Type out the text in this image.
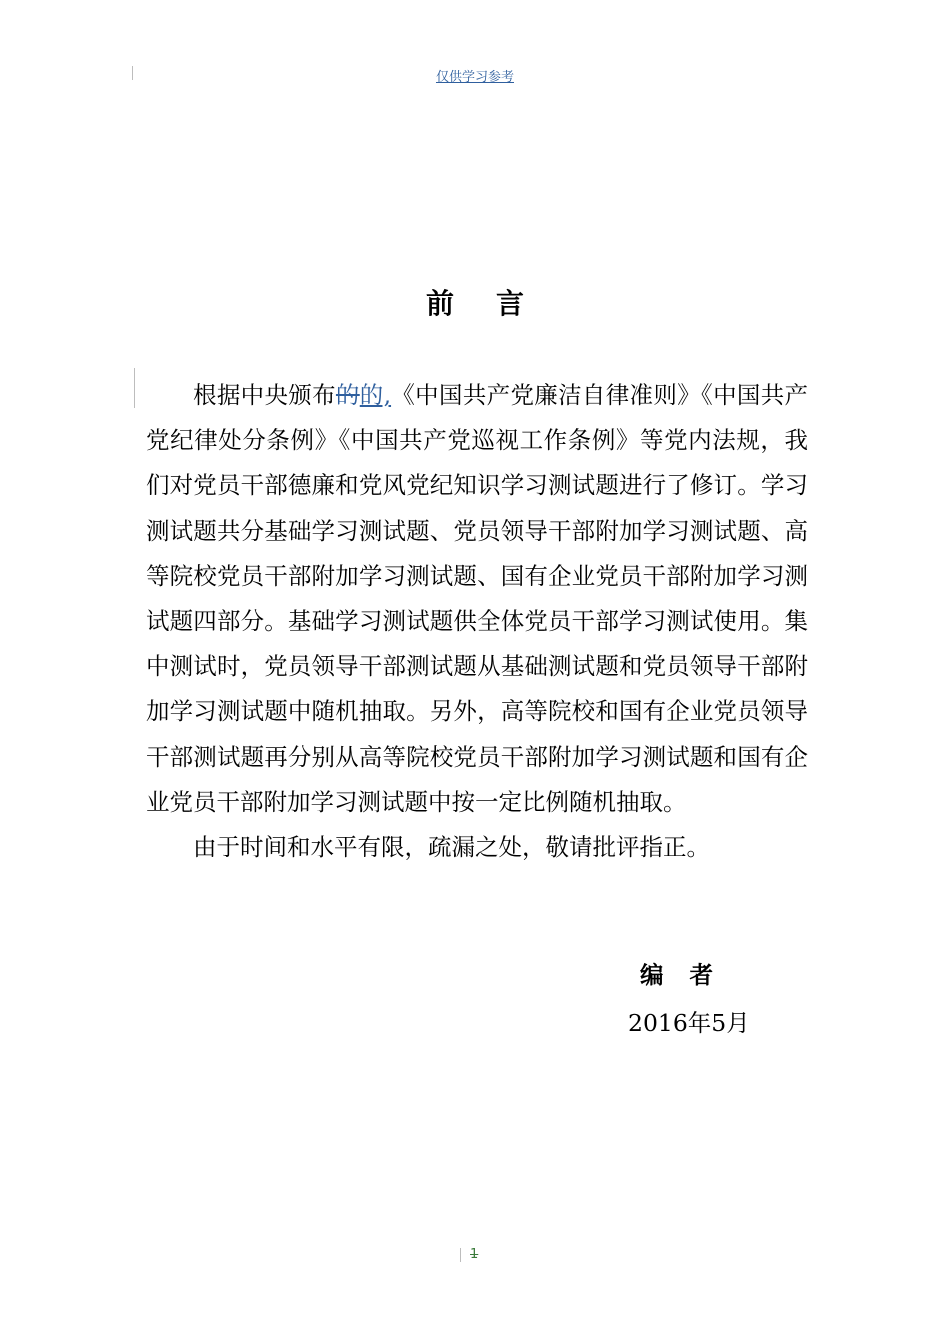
仅供学习参考
前 言

根据中央颁布的的,《中国共产党廉洁自律准则》《中国共产党纪律处分条例》《中国共产党巡视工作条例》等党内法规，我们对党员干部德廉和党风党纪知识学习测试题进行了修订。学习测试题共分基础学习测试题、党员领导干部附加学习测试题、高等院校党员干部附加学习测试题、国有企业党员干部附加学习测试题四部分。基础学习测试题供全体党员干部学习测试使用。集中测试时，党员领导干部测试题从基础测试题和党员领导干部附加学习测试题中随机抽取。另外，高等院校和国有企业党员领导干部测试题再分别从高等院校党员干部附加学习测试题和国有企业党员干部附加学习测试题中按一定比例随机抽取。

由于时间和水平有限，疏漏之处，敬请批评指正。

编 者
2016年5月
1
